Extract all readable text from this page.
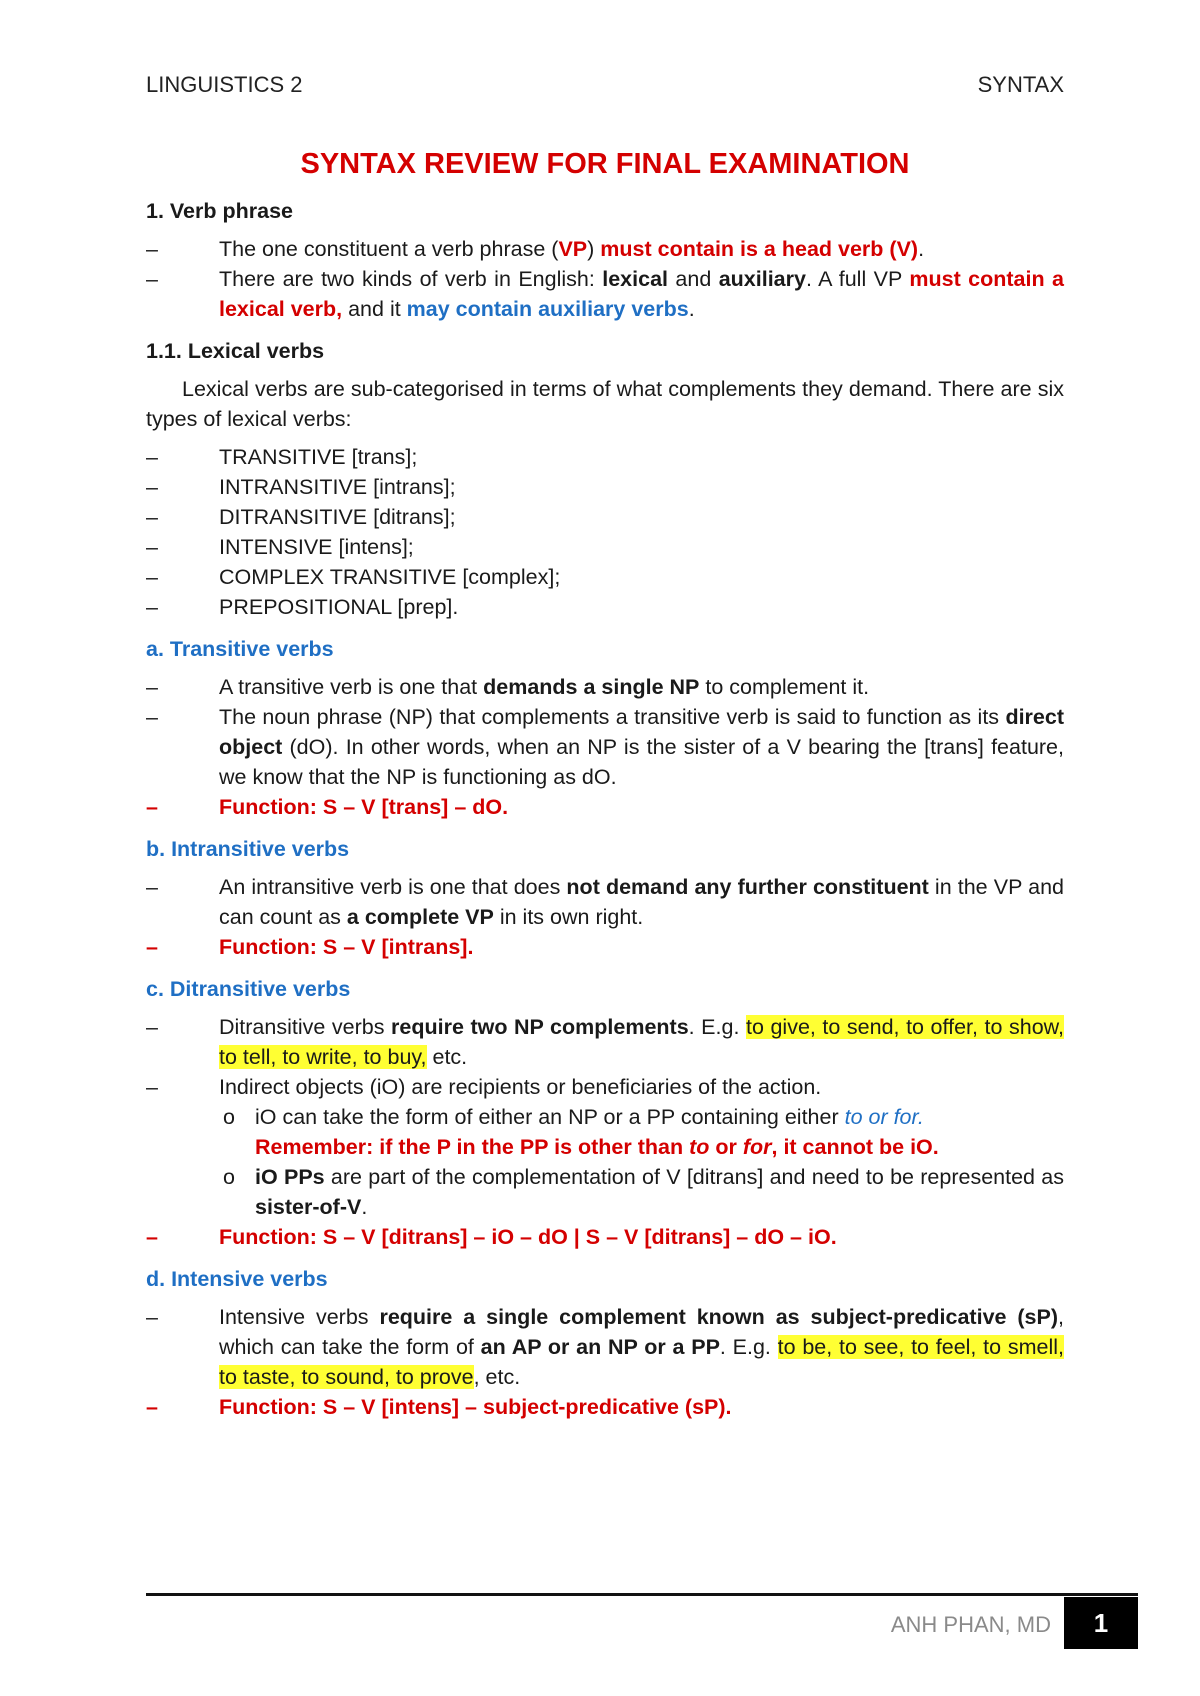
LINGUISTICS 2	SYNTAX
SYNTAX REVIEW FOR FINAL EXAMINATION
1. Verb phrase
–	The one constituent a verb phrase (VP) must contain is a head verb (V).
–	There are two kinds of verb in English: lexical and auxiliary. A full VP must contain a lexical verb, and it may contain auxiliary verbs.
1.1. Lexical verbs

Lexical verbs are sub-categorised in terms of what complements they demand. There are six types of lexical verbs:

–	TRANSITIVE [trans];
–	INTRANSITIVE [intrans];
–	DITRANSITIVE [ditrans];
–	INTENSIVE [intens];
–	COMPLEX TRANSITIVE [complex];
–	PREPOSITIONAL [prep].
a. Transitive verbs
–	A transitive verb is one that demands a single NP to complement it.
–	The noun phrase (NP) that complements a transitive verb is said to function as its direct object (dO). In other words, when an NP is the sister of a V bearing the [trans] feature, we know that the NP is functioning as dO.
–	Function: S – V [trans] – dO.
b. Intransitive verbs
–	An intransitive verb is one that does not demand any further constituent in the VP and can count as a complete VP in its own right.
–	Function: S – V [intrans].
c. Ditransitive verbs
–	Ditransitive verbs require two NP complements. E.g. to give, to send, to offer, to show, to tell, to write, to buy, etc.
–	Indirect objects (iO) are recipients or beneficiaries of the action.
o iO can take the form of either an NP or a PP containing either to or for.
Remember: if the P in the PP is other than to or for, it cannot be iO.
o iO PPs are part of the complementation of V [ditrans] and need to be represented as sister-of-V.
–	Function: S – V [ditrans] – iO – dO | S – V [ditrans] – dO – iO.
d. Intensive verbs
–	Intensive verbs require a single complement known as subject-predicative (sP), which can take the form of an AP or an NP or a PP. E.g. to be, to see, to feel, to smell, to taste, to sound, to prove, etc.
–	Function: S – V [intens] – subject-predicative (sP).
ANH PHAN, MD	1
